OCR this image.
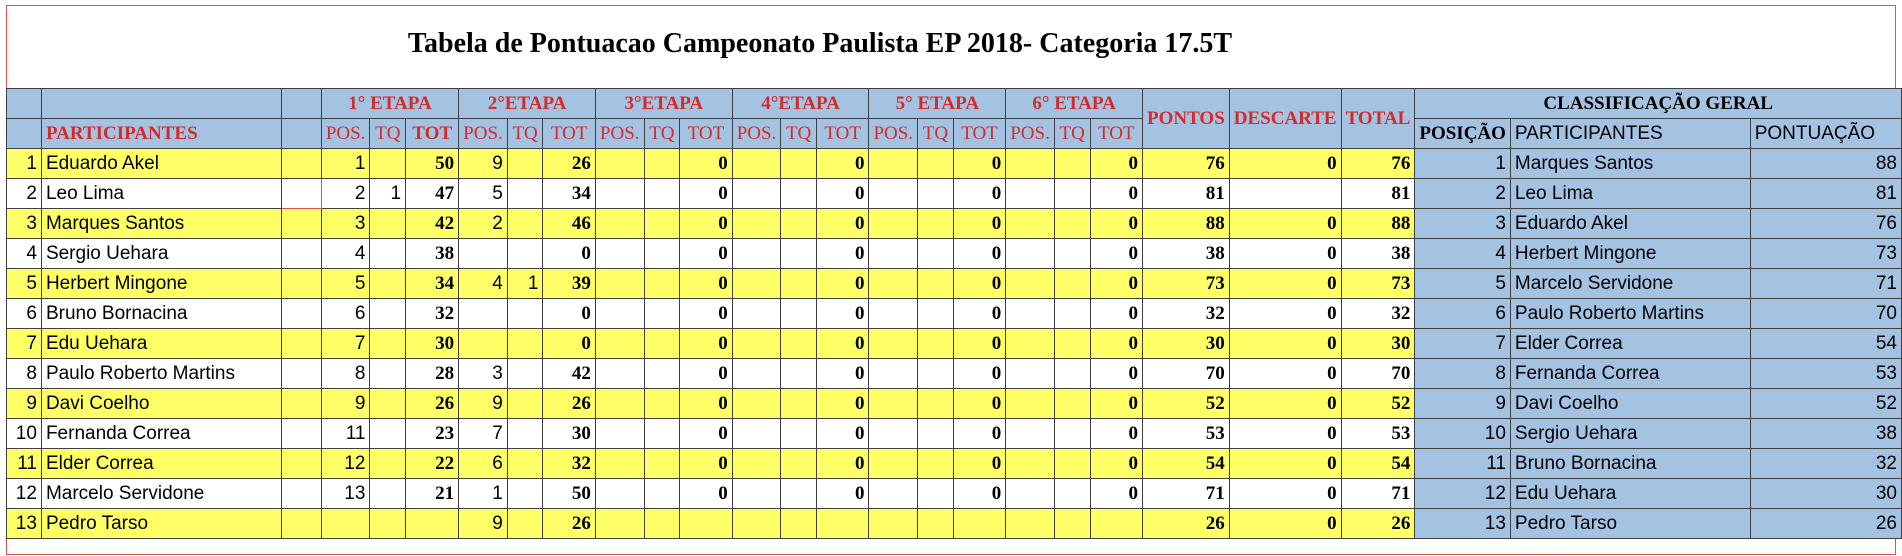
Tabela de Pontuacao Campeonato Paulista EP 2018- Categoria 17.5T
			1° ETAPA			2°ETAPA			3°ETAPA			4°ETAPA			5° ETAPA			6° ETAPA			PONTOS	DESCARTE	TOTAL	CLASSIFICAÇÃO GERAL		
	PARTICIPANTES		POS.	TQ	TOT	POS.	TQ	TOT	POS.	TQ	TOT	POS.	TQ	TOT	POS.	TQ	TOT	POS.	TQ	TOT				POSIÇÃO	PARTICIPANTES	PONTUAÇÃO
1	Eduardo Akel		1		50	9		26			0			0			0			0	76	0	76	1	Marques Santos	88
2	Leo Lima		2	1	47	5		34			0			0			0			0	81		81	2	Leo Lima	81
3	Marques Santos		3		42	2		46			0			0			0			0	88	0	88	3	Eduardo Akel	76
4	Sergio Uehara		4		38			0			0			0			0			0	38	0	38	4	Herbert Mingone	73
5	Herbert Mingone		5		34	4	1	39			0			0			0			0	73	0	73	5	Marcelo Servidone	71
6	Bruno Bornacina		6		32			0			0			0			0			0	32	0	32	6	Paulo Roberto Martins	70
7	Edu Uehara		7		30			0			0			0			0			0	30	0	30	7	Elder Correa	54
8	Paulo Roberto Martins		8		28	3		42			0			0			0			0	70	0	70	8	Fernanda Correa	53
9	Davi Coelho		9		26	9		26			0			0			0			0	52	0	52	9	Davi Coelho	52
10	Fernanda Correa		11		23	7		30			0			0			0			0	53	0	53	10	Sergio Uehara	38
11	Elder Correa		12		22	6		32			0			0			0			0	54	0	54	11	Bruno Bornacina	32
12	Marcelo Servidone		13		21	1		50			0			0			0			0	71	0	71	12	Edu Uehara	30
13	Pedro Tarso					9		26													26	0	26	13	Pedro Tarso	26
